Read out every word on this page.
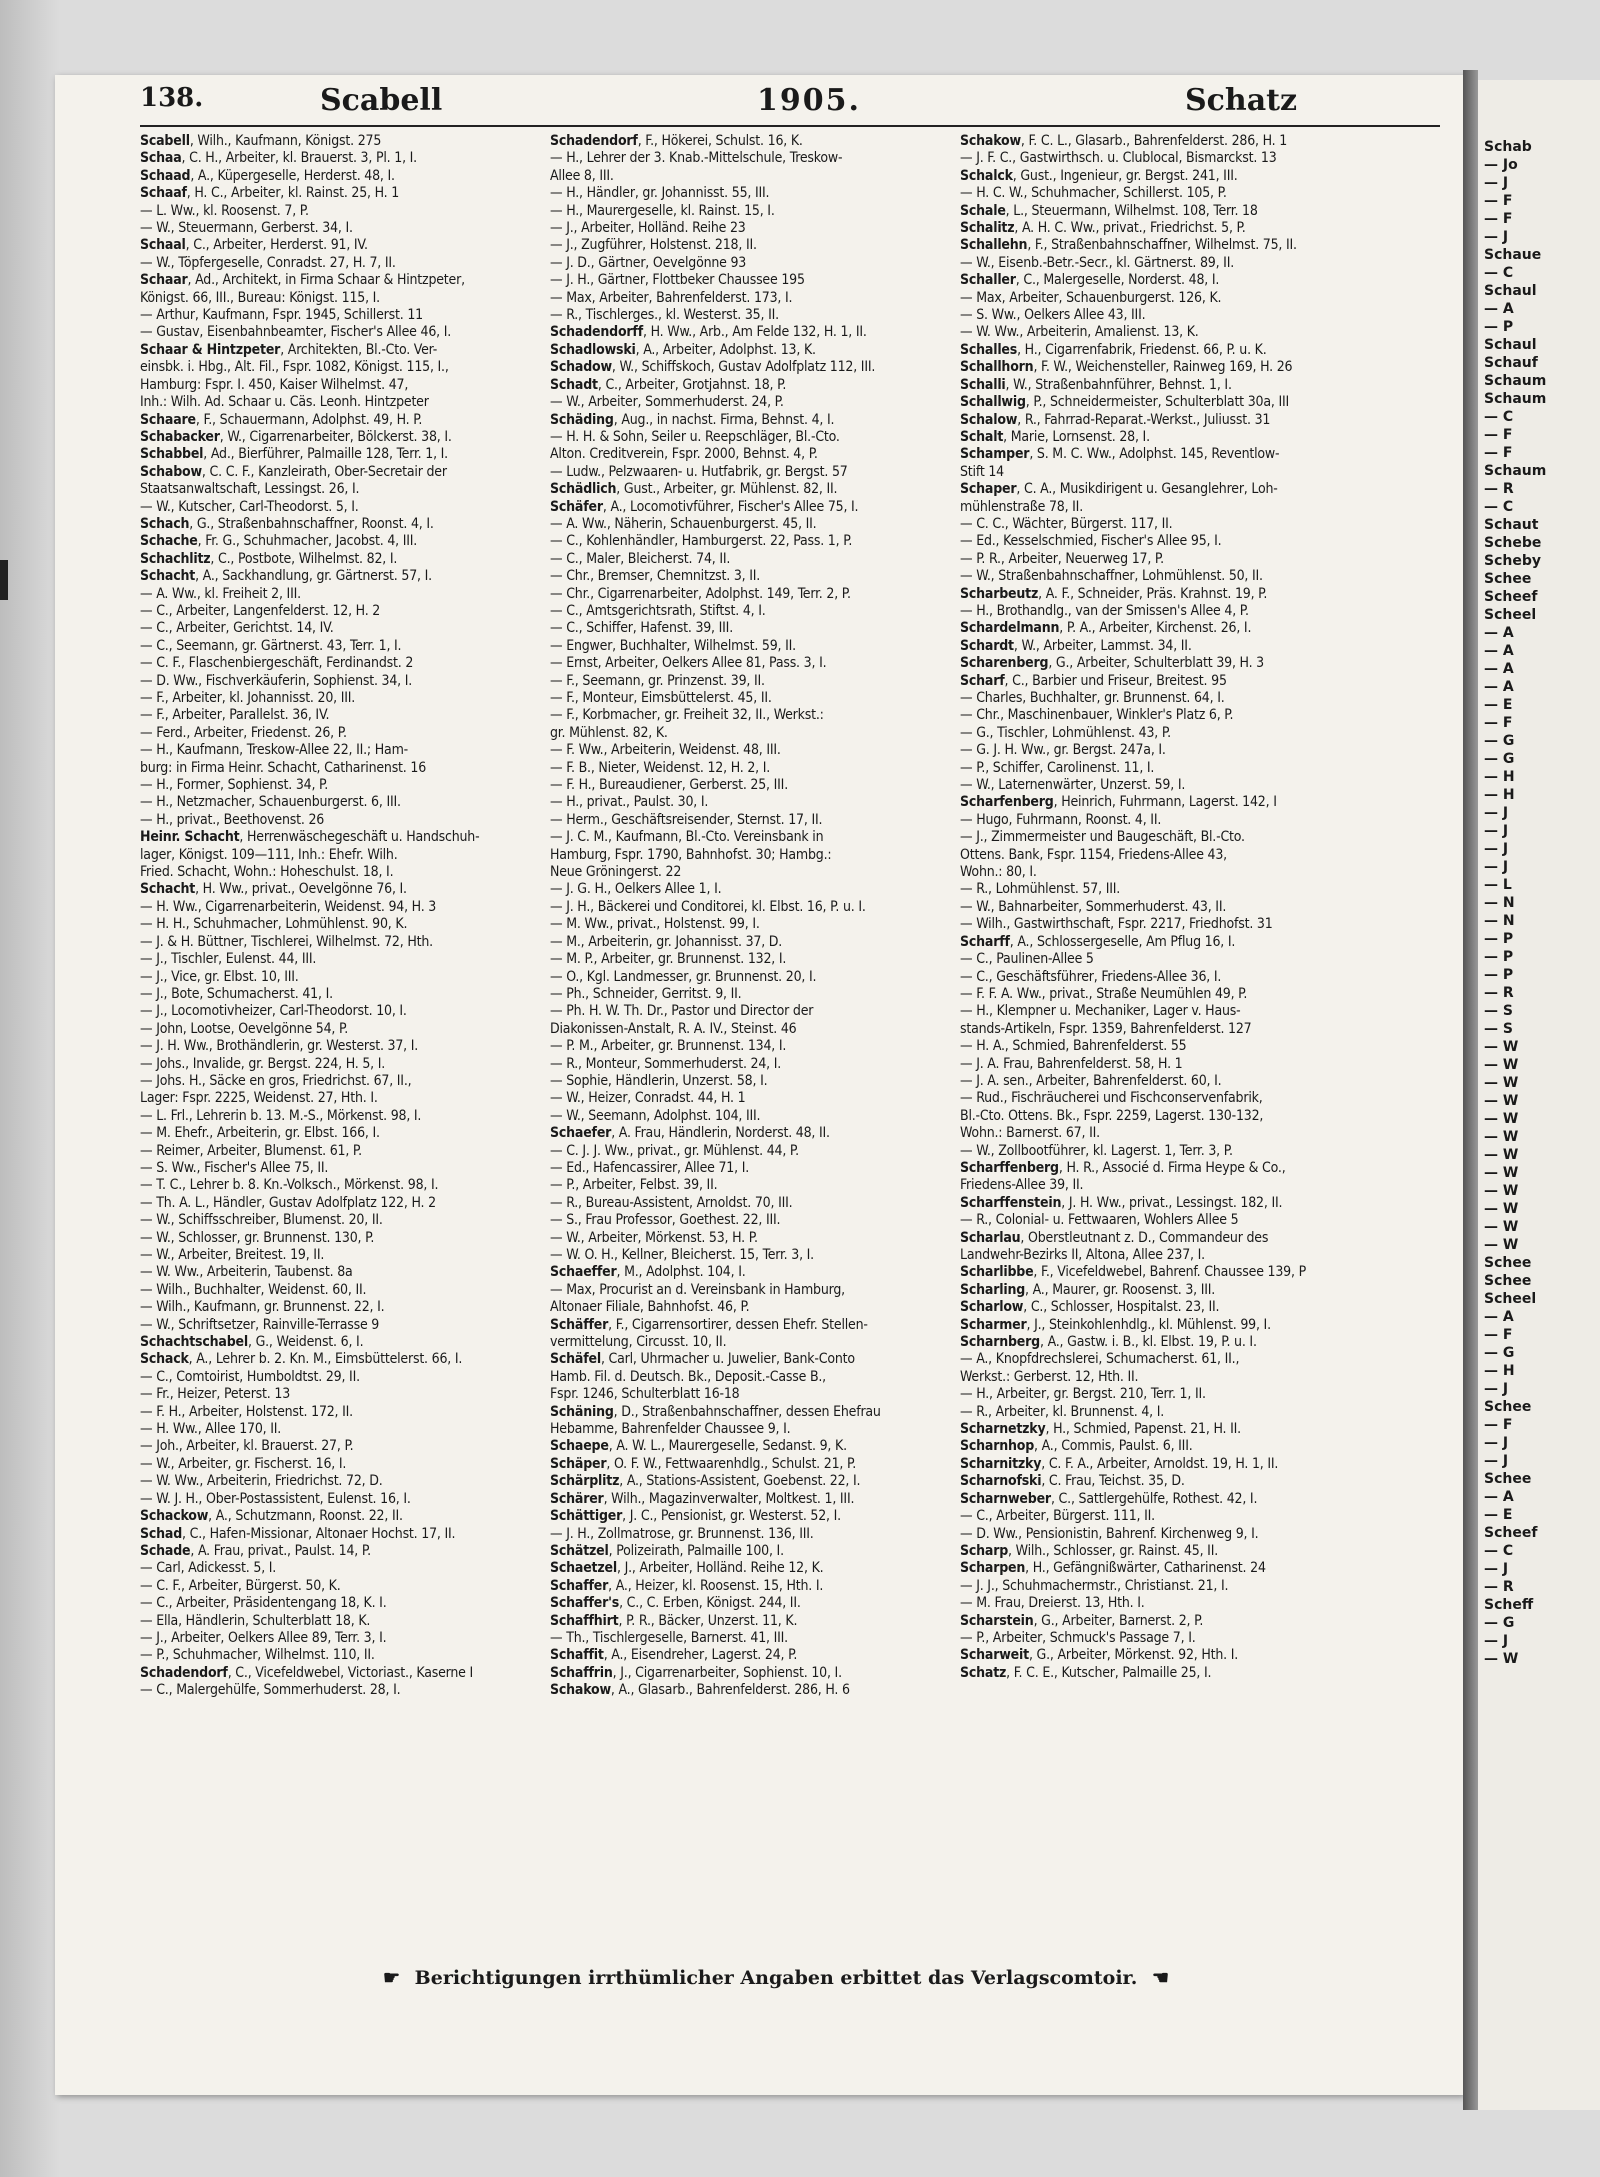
138.	Scabell	1905.	Schatz
Scabell, Wilh., Kaufmann, Königst. 275
Schaa, C. H., Arbeiter, kl. Brauerst. 3, Pl. 1, I.
Schaad, A., Küpergeselle, Herderst. 48, I.
Schaaf, H. C., Arbeiter, kl. Rainst. 25, H. 1
— L. Ww., kl. Roosenst. 7, P.
— W., Steuermann, Gerberst. 34, I.
Schaal, C., Arbeiter, Herderst. 91, IV.
— W., Töpfergeselle, Conradst. 27, H. 7, II.
Schaar, Ad., Architekt, in Firma Schaar & Hintzpeter,
Königst. 66, III., Bureau: Königst. 115, I.
— Arthur, Kaufmann, Fspr. 1945, Schillerst. 11
— Gustav, Eisenbahnbeamter, Fischer's Allee 46, I.
Schaar & Hintzpeter, Architekten, Bl.-Cto. Ver-
einsbk. i. Hbg., Alt. Fil., Fspr. 1082, Königst. 115, I.,
Hamburg: Fspr. I. 450, Kaiser Wilhelmst. 47,
Inh.: Wilh. Ad. Schaar u. Cäs. Leonh. Hintzpeter
Schaare, F., Schauermann, Adolphst. 49, H. P.
Schabacker, W., Cigarrenarbeiter, Bölckerst. 38, I.
Schabbel, Ad., Bierführer, Palmaille 128, Terr. 1, I.
Schabow, C. C. F., Kanzleirath, Ober-Secretair der
Staatsanwaltschaft, Lessingst. 26, I.
— W., Kutscher, Carl-Theodorst. 5, I.
Schach, G., Straßenbahnschaffner, Roonst. 4, I.
Schache, Fr. G., Schuhmacher, Jacobst. 4, III.
Schachlitz, C., Postbote, Wilhelmst. 82, I.
Schacht, A., Sackhandlung, gr. Gärtnerst. 57, I.
— A. Ww., kl. Freiheit 2, III.
— C., Arbeiter, Langenfelderst. 12, H. 2
— C., Arbeiter, Gerichtst. 14, IV.
— C., Seemann, gr. Gärtnerst. 43, Terr. 1, I.
— C. F., Flaschenbiergeschäft, Ferdinandst. 2
— D. Ww., Fischverkäuferin, Sophienst. 34, I.
— F., Arbeiter, kl. Johannisst. 20, III.
— F., Arbeiter, Parallelst. 36, IV.
— Ferd., Arbeiter, Friedenst. 26, P.
— H., Kaufmann, Treskow-Allee 22, II.; Ham-
burg: in Firma Heinr. Schacht, Catharinenst. 16
— H., Former, Sophienst. 34, P.
— H., Netzmacher, Schauenburgerst. 6, III.
— H., privat., Beethovenst. 26
Heinr. Schacht, Herrenwäschegeschäft u. Handschuh-
lager, Königst. 109—111, Inh.: Ehefr. Wilh.
Fried. Schacht, Wohn.: Hoheschulst. 18, I.
Schacht, H. Ww., privat., Oevelgönne 76, I.
— H. Ww., Cigarrenarbeiterin, Weidenst. 94, H. 3
— H. H., Schuhmacher, Lohmühlenst. 90, K.
— J. & H. Büttner, Tischlerei, Wilhelmst. 72, Hth.
— J., Tischler, Eulenst. 44, III.
— J., Vice, gr. Elbst. 10, III.
— J., Bote, Schumacherst. 41, I.
— J., Locomotivheizer, Carl-Theodorst. 10, I.
— John, Lootse, Oevelgönne 54, P.
— J. H. Ww., Brothändlerin, gr. Westerst. 37, I.
— Johs., Invalide, gr. Bergst. 224, H. 5, I.
— Johs. H., Säcke en gros, Friedrichst. 67, II.,
Lager: Fspr. 2225, Weidenst. 27, Hth. I.
— L. Frl., Lehrerin b. 13. M.-S., Mörkenst. 98, I.
— M. Ehefr., Arbeiterin, gr. Elbst. 166, I.
— Reimer, Arbeiter, Blumenst. 61, P.
— S. Ww., Fischer's Allee 75, II.
— T. C., Lehrer b. 8. Kn.-Volksch., Mörkenst. 98, I.
— Th. A. L., Händler, Gustav Adolfplatz 122, H. 2
— W., Schiffsschreiber, Blumenst. 20, II.
— W., Schlosser, gr. Brunnenst. 130, P.
— W., Arbeiter, Breitest. 19, II.
— W. Ww., Arbeiterin, Taubenst. 8a
— Wilh., Buchhalter, Weidenst. 60, II.
— Wilh., Kaufmann, gr. Brunnenst. 22, I.
— W., Schriftsetzer, Rainville-Terrasse 9
Schachtschabel, G., Weidenst. 6, I.
Schack, A., Lehrer b. 2. Kn. M., Eimsbüttelerst. 66, I.
— C., Comtoirist, Humboldtst. 29, II.
— Fr., Heizer, Peterst. 13
— F. H., Arbeiter, Holstenst. 172, II.
— H. Ww., Allee 170, II.
— Joh., Arbeiter, kl. Brauerst. 27, P.
— W., Arbeiter, gr. Fischerst. 16, I.
— W. Ww., Arbeiterin, Friedrichst. 72, D.
— W. J. H., Ober-Postassistent, Eulenst. 16, I.
Schackow, A., Schutzmann, Roonst. 22, II.
Schad, C., Hafen-Missionar, Altonaer Hochst. 17, II.
Schade, A. Frau, privat., Paulst. 14, P.
— Carl, Adickesst. 5, I.
— C. F., Arbeiter, Bürgerst. 50, K.
— C., Arbeiter, Präsidentengang 18, K. I.
— Ella, Händlerin, Schulterblatt 18, K.
— J., Arbeiter, Oelkers Allee 89, Terr. 3, I.
— P., Schuhmacher, Wilhelmst. 110, II.
Schadendorf, C., Vicefeldwebel, Victoriast., Kaserne I
— C., Malergehülfe, Sommerhuderst. 28, I.
Schadendorf, F., Hökerei, Schulst. 16, K.
— H., Lehrer der 3. Knab.-Mittelschule, Treskow-
Allee 8, III.
— H., Händler, gr. Johannisst. 55, III.
— H., Maurergeselle, kl. Rainst. 15, I.
— J., Arbeiter, Holländ. Reihe 23
— J., Zugführer, Holstenst. 218, II.
— J. D., Gärtner, Oevelgönne 93
— J. H., Gärtner, Flottbeker Chaussee 195
— Max, Arbeiter, Bahrenfelderst. 173, I.
— R., Tischlerges., kl. Westerst. 35, II.
Schadendorff, H. Ww., Arb., Am Felde 132, H. 1, II.
Schadlowski, A., Arbeiter, Adolphst. 13, K.
Schadow, W., Schiffskoch, Gustav Adolfplatz 112, III.
Schadt, C., Arbeiter, Grotjahnst. 18, P.
— W., Arbeiter, Sommerhuderst. 24, P.
Schäding, Aug., in nachst. Firma, Behnst. 4, I.
— H. H. & Sohn, Seiler u. Reepschläger, Bl.-Cto.
Alton. Creditverein, Fspr. 2000, Behnst. 4, P.
— Ludw., Pelzwaaren- u. Hutfabrik, gr. Bergst. 57
Schädlich, Gust., Arbeiter, gr. Mühlenst. 82, II.
Schäfer, A., Locomotivführer, Fischer's Allee 75, I.
— A. Ww., Näherin, Schauenburgerst. 45, II.
— C., Kohlenhändler, Hamburgerst. 22, Pass. 1, P.
— C., Maler, Bleicherst. 74, II.
— Chr., Bremser, Chemnitzst. 3, II.
— Chr., Cigarrenarbeiter, Adolphst. 149, Terr. 2, P.
— C., Amtsgerichtsrath, Stiftst. 4, I.
— C., Schiffer, Hafenst. 39, III.
— Engwer, Buchhalter, Wilhelmst. 59, II.
— Ernst, Arbeiter, Oelkers Allee 81, Pass. 3, I.
— F., Seemann, gr. Prinzenst. 39, II.
— F., Monteur, Eimsbüttelerst. 45, II.
— F., Korbmacher, gr. Freiheit 32, II., Werkst.:
gr. Mühlenst. 82, K.
— F. Ww., Arbeiterin, Weidenst. 48, III.
— F. B., Nieter, Weidenst. 12, H. 2, I.
— F. H., Bureaudiener, Gerberst. 25, III.
— H., privat., Paulst. 30, I.
— Herm., Geschäftsreisender, Sternst. 17, II.
— J. C. M., Kaufmann, Bl.-Cto. Vereinsbank in
Hamburg, Fspr. 1790, Bahnhofst. 30; Hambg.:
Neue Gröningerst. 22
— J. G. H., Oelkers Allee 1, I.
— J. H., Bäckerei und Conditorei, kl. Elbst. 16, P. u. I.
— M. Ww., privat., Holstenst. 99, I.
— M., Arbeiterin, gr. Johannisst. 37, D.
— M. P., Arbeiter, gr. Brunnenst. 132, I.
— O., Kgl. Landmesser, gr. Brunnenst. 20, I.
— Ph., Schneider, Gerritst. 9, II.
— Ph. H. W. Th. Dr., Pastor und Director der
Diakonissen-Anstalt, R. A. IV., Steinst. 46
— P. M., Arbeiter, gr. Brunnenst. 134, I.
— R., Monteur, Sommerhuderst. 24, I.
— Sophie, Händlerin, Unzerst. 58, I.
— W., Heizer, Conradst. 44, H. 1
— W., Seemann, Adolphst. 104, III.
Schaefer, A. Frau, Händlerin, Norderst. 48, II.
— C. J. J. Ww., privat., gr. Mühlenst. 44, P.
— Ed., Hafencassirer, Allee 71, I.
— P., Arbeiter, Felbst. 39, II.
— R., Bureau-Assistent, Arnoldst. 70, III.
— S., Frau Professor, Goethest. 22, III.
— W., Arbeiter, Mörkenst. 53, H. P.
— W. O. H., Kellner, Bleicherst. 15, Terr. 3, I.
Schaeffer, M., Adolphst. 104, I.
— Max, Procurist an d. Vereinsbank in Hamburg,
Altonaer Filiale, Bahnhofst. 46, P.
Schäffer, F., Cigarrensortirer, dessen Ehefr. Stellen-
vermittelung, Circusst. 10, II.
Schäfel, Carl, Uhrmacher u. Juwelier, Bank-Conto
Hamb. Fil. d. Deutsch. Bk., Deposit.-Casse B.,
Fspr. 1246, Schulterblatt 16-18
Schäning, D., Straßenbahnschaffner, dessen Ehefrau
Hebamme, Bahrenfelder Chaussee 9, I.
Schaepe, A. W. L., Maurergeselle, Sedanst. 9, K.
Schäper, O. F. W., Fettwaarenhdlg., Schulst. 21, P.
Schärplitz, A., Stations-Assistent, Goebenst. 22, I.
Schärer, Wilh., Magazinverwalter, Moltkest. 1, III.
Schättiger, J. C., Pensionist, gr. Westerst. 52, I.
— J. H., Zollmatrose, gr. Brunnenst. 136, III.
Schätzel, Polizeirath, Palmaille 100, I.
Schaetzel, J., Arbeiter, Holländ. Reihe 12, K.
Schaffer, A., Heizer, kl. Roosenst. 15, Hth. I.
Schaffer's, C., C. Erben, Königst. 244, II.
Schaffhirt, P. R., Bäcker, Unzerst. 11, K.
— Th., Tischlergeselle, Barnerst. 41, III.
Schaffit, A., Eisendreher, Lagerst. 24, P.
Schaffrin, J., Cigarrenarbeiter, Sophienst. 10, I.
Schakow, A., Glasarb., Bahrenfelderst. 286, H. 6
Schakow, F. C. L., Glasarb., Bahrenfelderst. 286, H. 1
— J. F. C., Gastwirthsch. u. Clublocal, Bismarckst. 13
Schalck, Gust., Ingenieur, gr. Bergst. 241, III.
— H. C. W., Schuhmacher, Schillerst. 105, P.
Schale, L., Steuermann, Wilhelmst. 108, Terr. 18
Schalitz, A. H. C. Ww., privat., Friedrichst. 5, P.
Schallehn, F., Straßenbahnschaffner, Wilhelmst. 75, II.
— W., Eisenb.-Betr.-Secr., kl. Gärtnerst. 89, II.
Schaller, C., Malergeselle, Norderst. 48, I.
— Max, Arbeiter, Schauenburgerst. 126, K.
— S. Ww., Oelkers Allee 43, III.
— W. Ww., Arbeiterin, Amalienst. 13, K.
Schalles, H., Cigarrenfabrik, Friedenst. 66, P. u. K.
Schallhorn, F. W., Weichensteller, Rainweg 169, H. 26
Schalli, W., Straßenbahnführer, Behnst. 1, I.
Schallwig, P., Schneidermeister, Schulterblatt 30a, III
Schalow, R., Fahrrad-Reparat.-Werkst., Juliusst. 31
Schalt, Marie, Lornsenst. 28, I.
Schamper, S. M. C. Ww., Adolphst. 145, Reventlow-
Stift 14
Schaper, C. A., Musikdirigent u. Gesanglehrer, Loh-
mühlenstraße 78, II.
— C. C., Wächter, Bürgerst. 117, II.
— Ed., Kesselschmied, Fischer's Allee 95, I.
— P. R., Arbeiter, Neuerweg 17, P.
— W., Straßenbahnschaffner, Lohmühlenst. 50, II.
Scharbeutz, A. F., Schneider, Präs. Krahnst. 19, P.
— H., Brothandlg., van der Smissen's Allee 4, P.
Schardelmann, P. A., Arbeiter, Kirchenst. 26, I.
Schardt, W., Arbeiter, Lammst. 34, II.
Scharenberg, G., Arbeiter, Schulterblatt 39, H. 3
Scharf, C., Barbier und Friseur, Breitest. 95
— Charles, Buchhalter, gr. Brunnenst. 64, I.
— Chr., Maschinenbauer, Winkler's Platz 6, P.
— G., Tischler, Lohmühlenst. 43, P.
— G. J. H. Ww., gr. Bergst. 247a, I.
— P., Schiffer, Carolinenst. 11, I.
— W., Laternenwärter, Unzerst. 59, I.
Scharfenberg, Heinrich, Fuhrmann, Lagerst. 142, I
— Hugo, Fuhrmann, Roonst. 4, II.
— J., Zimmermeister und Baugeschäft, Bl.-Cto.
Ottens. Bank, Fspr. 1154, Friedens-Allee 43,
Wohn.: 80, I.
— R., Lohmühlenst. 57, III.
— W., Bahnarbeiter, Sommerhuderst. 43, II.
— Wilh., Gastwirthschaft, Fspr. 2217, Friedhofst. 31
Scharff, A., Schlossergeselle, Am Pflug 16, I.
— C., Paulinen-Allee 5
— C., Geschäftsführer, Friedens-Allee 36, I.
— F. F. A. Ww., privat., Straße Neumühlen 49, P.
— H., Klempner u. Mechaniker, Lager v. Haus-
stands-Artikeln, Fspr. 1359, Bahrenfelderst. 127
— H. A., Schmied, Bahrenfelderst. 55
— J. A. Frau, Bahrenfelderst. 58, H. 1
— J. A. sen., Arbeiter, Bahrenfelderst. 60, I.
— Rud., Fischräucherei und Fischconservenfabrik,
Bl.-Cto. Ottens. Bk., Fspr. 2259, Lagerst. 130-132,
Wohn.: Barnerst. 67, II.
— W., Zollbootführer, kl. Lagerst. 1, Terr. 3, P.
Scharffenberg, H. R., Associé d. Firma Heype & Co.,
Friedens-Allee 39, II.
Scharffenstein, J. H. Ww., privat., Lessingst. 182, II.
— R., Colonial- u. Fettwaaren, Wohlers Allee 5
Scharlau, Oberstleutnant z. D., Commandeur des
Landwehr-Bezirks II, Altona, Allee 237, I.
Scharlibbe, F., Vicefeldwebel, Bahrenf. Chaussee 139, P
Scharling, A., Maurer, gr. Roosenst. 3, III.
Scharlow, C., Schlosser, Hospitalst. 23, II.
Scharmer, J., Steinkohlenhdlg., kl. Mühlenst. 99, I.
Scharnberg, A., Gastw. i. B., kl. Elbst. 19, P. u. I.
— A., Knopfdrechslerei, Schumacherst. 61, II.,
Werkst.: Gerberst. 12, Hth. II.
— H., Arbeiter, gr. Bergst. 210, Terr. 1, II.
— R., Arbeiter, kl. Brunnenst. 4, I.
Scharnetzky, H., Schmied, Papenst. 21, H. II.
Scharnhop, A., Commis, Paulst. 6, III.
Scharnitzky, C. F. A., Arbeiter, Arnoldst. 19, H. 1, II.
Scharnofski, C. Frau, Teichst. 35, D.
Scharnweber, C., Sattlergehülfe, Rothest. 42, I.
— C., Arbeiter, Bürgerst. 111, II.
— D. Ww., Pensionistin, Bahrenf. Kirchenweg 9, I.
Scharp, Wilh., Schlosser, gr. Rainst. 45, II.
Scharpen, H., Gefängnißwärter, Catharinenst. 24
— J. J., Schuhmachermstr., Christianst. 21, I.
— M. Frau, Dreierst. 13, Hth. I.
Scharstein, G., Arbeiter, Barnerst. 2, P.
— P., Arbeiter, Schmuck's Passage 7, I.
Scharweit, G., Arbeiter, Mörkenst. 92, Hth. I.
Schatz, F. C. E., Kutscher, Palmaille 25, I.
☛ Berichtigungen irrthümlicher Angaben erbittet das Verlagscomtoir. ☚
Schab
— Jo
— J
— F
— F
— J
Schaue
— C
Schaul
— A
— P
Schaul
Schauf
Schaum
Schaum
— C
— F
— F
Schaum
— R
— C
Schaut
Schebe
Scheby
Schee
Scheef
Scheel
— A
— A
— A
— A
— E
— F
— G
— G
— H
— H
— J
— J
— J
— J
— L
— N
— N
— P
— P
— P
— R
— S
— S
— W
— W
— W
— W
— W
— W
— W
— W
— W
— W
— W
— W
Schee
Schee
Scheel
— A
— F
— G
— H
— J
Schee
— F
— J
— J
Schee
— A
— E
Scheef
— C
— J
— R
Scheff
— G
— J
— W
